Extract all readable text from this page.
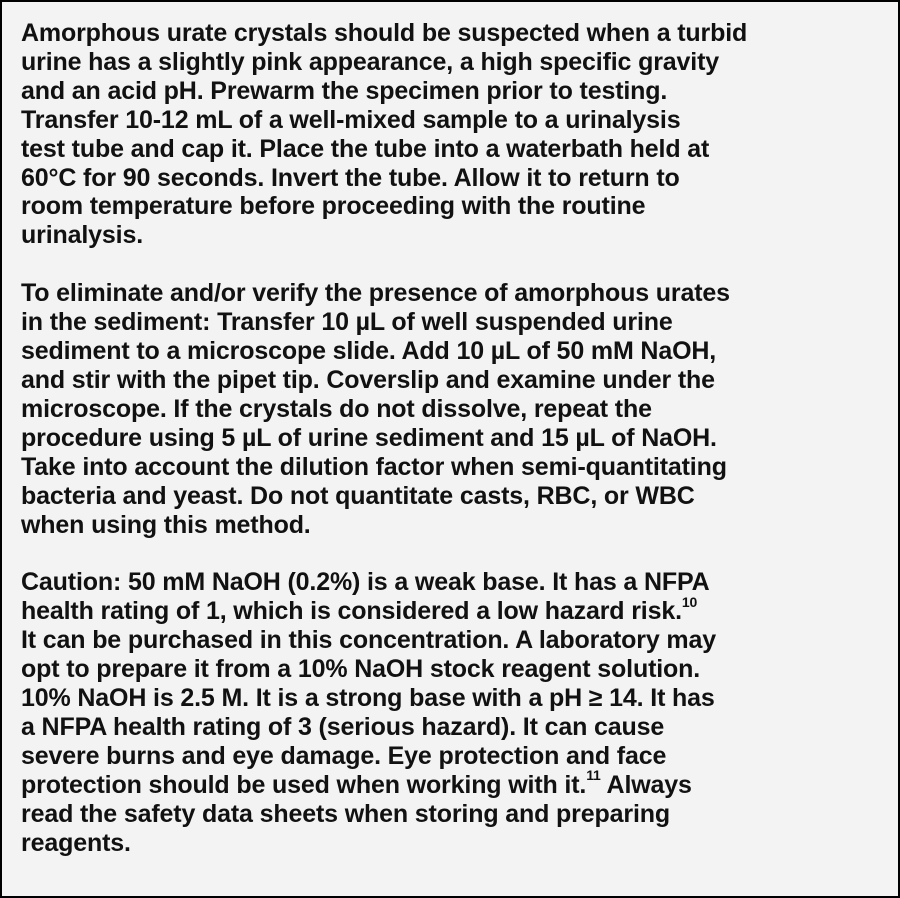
Amorphous urate crystals should be suspected when a turbid
urine has a slightly pink appearance, a high specific gravity
and an acid pH. Prewarm the specimen prior to testing.
Transfer 10-12 mL of a well-mixed sample to a urinalysis
test tube and cap it. Place the tube into a waterbath held at
60°C for 90 seconds. Invert the tube. Allow it to return to
room temperature before proceeding with the routine
urinalysis.

To eliminate and/or verify the presence of amorphous urates
in the sediment: Transfer 10 µL of well suspended urine
sediment to a microscope slide. Add 10 µL of 50 mM NaOH,
and stir with the pipet tip. Coverslip and examine under the
microscope. If the crystals do not dissolve, repeat the
procedure using 5 µL of urine sediment and 15 µL of NaOH.
Take into account the dilution factor when semi-quantitating
bacteria and yeast. Do not quantitate casts, RBC, or WBC
when using this method.

Caution: 50 mM NaOH (0.2%) is a weak base. It has a NFPA
health rating of 1, which is considered a low hazard risk.$^{10}$
It can be purchased in this concentration. A laboratory may
opt to prepare it from a 10% NaOH stock reagent solution.
10% NaOH is 2.5 M. It is a strong base with a pH ≥ 14. It has
a NFPA health rating of 3 (serious hazard). It can cause
severe burns and eye damage. Eye protection and face
protection should be used when working with it.$^{11}$ Always
read the safety data sheets when storing and preparing
reagents.
